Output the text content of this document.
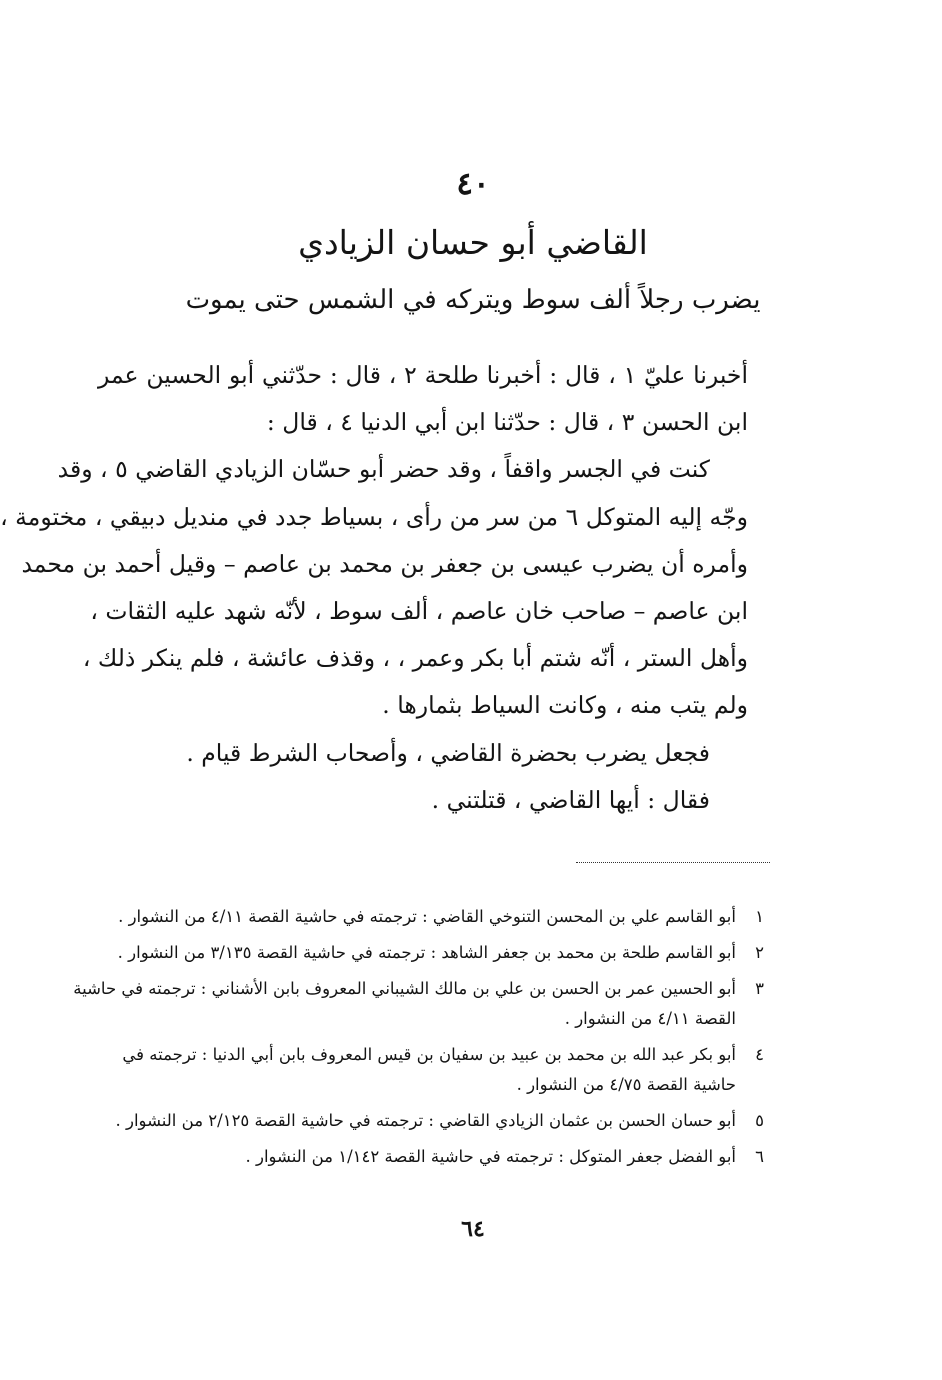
٤٠
القاضي أبو حسان الزيادي
يضرب رجلاً ألف سوط ويتركه في الشمس حتى يموت
أخبرنا عليّ ١ ، قال : أخبرنا طلحة ٢ ، قال : حدّثني أبو الحسين عمر
ابن الحسن ٣ ، قال : حدّثنا ابن أبي الدنيا ٤ ، قال :
كنت في الجسر واقفاً ، وقد حضر أبو حسّان الزيادي القاضي ٥ ، وقد
وجّه إليه المتوكل ٦ من سر من رأى ، بسياط جدد في منديل دبيقي ، مختومة ،
وأمره أن يضرب عيسى بن جعفر بن محمد بن عاصم – وقيل أحمد بن محمد
ابن عاصم – صاحب خان عاصم ، ألف سوط ، لأنّه شهد عليه الثقات ،
وأهل الستر ، أنّه شتم أبا بكر وعمر ، ، وقذف عائشة ، فلم ينكر ذلك ،
ولم يتب منه ، وكانت السياط بثمارها .
فجعل يضرب بحضرة القاضي ، وأصحاب الشرط قيام .
فقال : أيها القاضي ، قتلتني .
١أبو القاسم علي بن المحسن التنوخي القاضي : ترجمته في حاشية القصة ٤/١١ من النشوار .
٢أبو القاسم طلحة بن محمد بن جعفر الشاهد : ترجمته في حاشية القصة ٣/١٣٥ من النشوار .
٣أبو الحسين عمر بن الحسن بن علي بن مالك الشيباني المعروف بابن الأشناني : ترجمته في حاشية
القصة ٤/١١ من النشوار .
٤أبو بكر عبد الله بن محمد بن عبيد بن سفيان بن قيس المعروف بابن أبي الدنيا : ترجمته في
حاشية القصة ٤/٧٥ من النشوار .
٥أبو حسان الحسن بن عثمان الزيادي القاضي : ترجمته في حاشية القصة ٢/١٢٥ من النشوار .
٦أبو الفضل جعفر المتوكل : ترجمته في حاشية القصة ١/١٤٢ من النشوار .
٦٤
